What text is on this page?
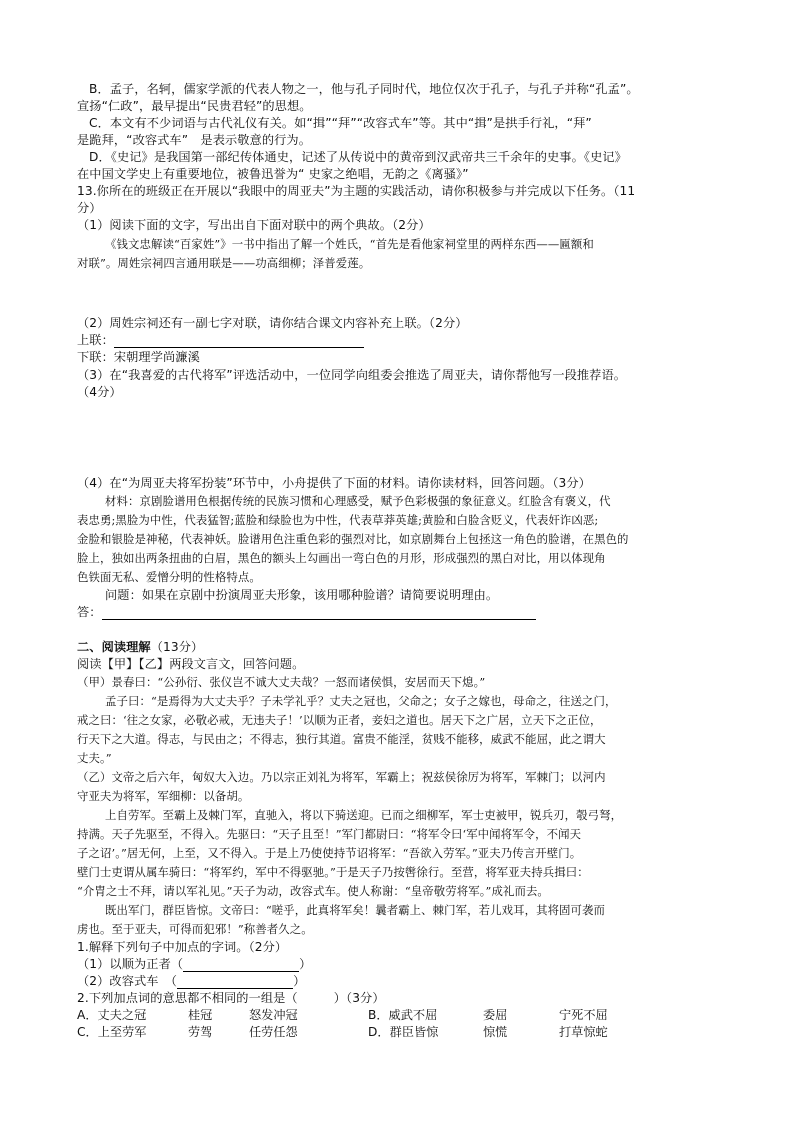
B．孟子，名轲，儒家学派的代表人物之一，他与孔子同时代，地位仅次于孔子，与孔子并称“孔孟”。
宣扬“仁政”，最早提出“民贵君轻”的思想。
C．本文有不少词语与古代礼仪有关。如“揖”“拜”“改容式车”等。其中“揖”是拱手行礼，“拜”
是跪拜，“改容式车”　是表示敬意的行为。
D．《史记》是我国第一部纪传体通史，记述了从传说中的黄帝到汉武帝共三千余年的史事。《史记》
在中国文学史上有重要地位，被鲁迅誉为“ 史家之绝唱，无韵之《离骚》”
13.你所在的班级正在开展以“我眼中的周亚夫”为主题的实践活动，请你积极参与并完成以下任务。（11
分）
（1）阅读下面的文字，写出出自下面对联中的两个典故。（2分）
《钱文忠解读“百家姓”》一书中指出了解一个姓氏，“首先是看他家祠堂里的两样东西——匾额和
对联”。周姓宗祠四言通用联是——功高细柳；泽普爱莲。
（2）周姓宗祠还有一副七字对联，请你结合课文内容补充上联。（2分）
上联：
下联：宋朝理学尚濂溪
（3）在“我喜爱的古代将军”评选活动中，一位同学向组委会推选了周亚夫，请你帮他写一段推荐语。
（4分）
（4）在“为周亚夫将军扮装”环节中，小舟提供了下面的材料。请你读材料，回答问题。（3分）
材料：京剧脸谱用色根据传统的民族习惯和心理感受，赋予色彩极强的象征意义。红脸含有褒义，代
表忠勇;黑脸为中性，代表猛智;蓝脸和绿脸也为中性，代表草莽英雄;黄脸和白脸含贬义，代表奸诈凶恶;
金脸和银脸是神秘，代表神妖。脸谱用色注重色彩的强烈对比，如京剧舞台上包拯这一角色的脸谱，在黑色的
脸上，独如出两条扭曲的白眉，黑色的额头上勾画出一弯白色的月形，形成强烈的黑白对比，用以体现角
色铁面无私、爱憎分明的性格特点。
问题：如果在京剧中扮演周亚夫形象，该用哪种脸谱？请简要说明理由。
答：
二、阅读理解（13分）
阅读【甲】【乙】两段文言文，回答问题。
（甲）景春曰：“公孙衍、张仪岂不诚大丈夫哉？一怒而诸侯惧，安居而天下熄。”
孟子曰：“是焉得为大丈夫乎？子未学礼乎？丈夫之冠也，父命之；女子之嫁也，母命之，往送之门，
戒之曰：‘往之女家，必敬必戒，无违夫子！’以顺为正者，妾妇之道也。居天下之广居，立天下之正位，
行天下之大道。得志，与民由之；不得志，独行其道。富贵不能淫，贫贱不能移，威武不能屈，此之谓大
丈夫。”
（乙）文帝之后六年，匈奴大入边。乃以宗正刘礼为将军，军霸上；祝兹侯徐厉为将军，军棘门；以河内
守亚夫为将军，军细柳：以备胡。
上自劳军。至霸上及棘门军，直驰入，将以下骑送迎。已而之细柳军，军士吏被甲，锐兵刃，彀弓弩，
持满。天子先驱至，不得入。先驱曰：“天子且至！”军门都尉曰：“将军令曰‘军中闻将军令，不闻天
子之诏’。”居无何，上至，又不得入。于是上乃使使持节诏将军：“吾欲入劳军。”亚夫乃传言开壁门。
壁门士吏谓从属车骑曰：“将军约，军中不得驱驰。”于是天子乃按辔徐行。至营，将军亚夫持兵揖曰：
“介胄之士不拜，请以军礼见。”天子为动，改容式车。使人称谢：“皇帝敬劳将军。”成礼而去。
既出军门，群臣皆惊。文帝曰：“嗟乎，此真将军矣！曩者霸上、棘门军，若儿戏耳，其将固可袭而
虏也。至于亚夫，可得而犯邪！”称善者久之。
1.解释下列句子中加点的字词。（2分）
（1）以顺为正者（	）
（2）改容式车　（	）
2.下列加点词的意思都不相同的一组是（	）（3分）
A．丈夫之冠	桂冠	怒发冲冠	B．威武不屈	委屈	宁死不屈
C．上至劳军	劳驾	任劳任怨	D．群臣皆惊	惊慌	打草惊蛇
